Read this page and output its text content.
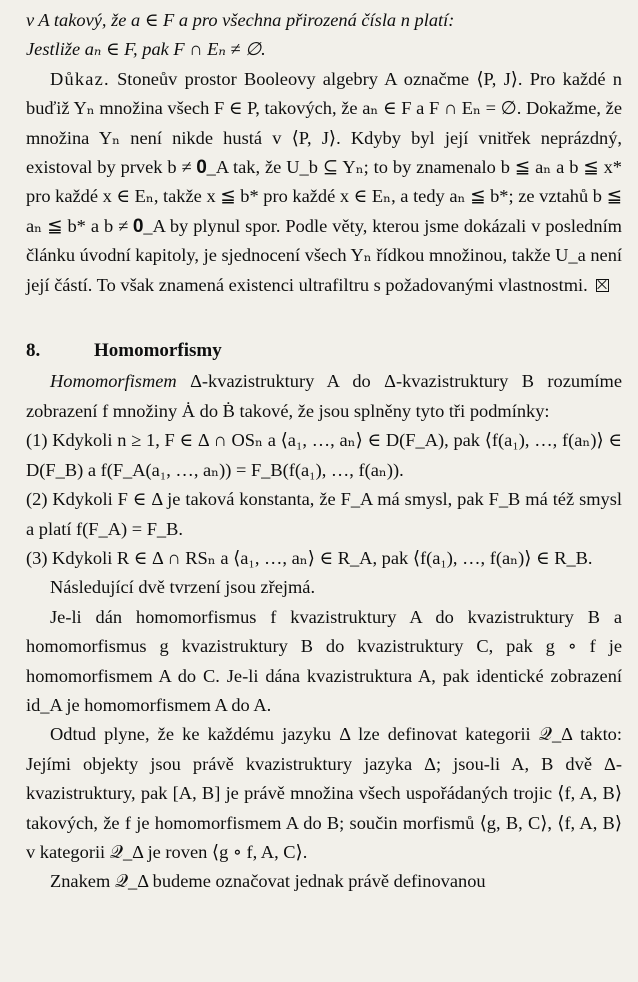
v A takový, že a ∈ F a pro všechna přirozená čísla n platí:
Jestliže aₙ ∈ F, pak F ∩ Eₙ ≠ ∅.

Důkaz. Stoneův prostor Booleovy algebry A označme ⟨P, J⟩. Pro každé n buďiž Yₙ množina všech F ∈ P, takových, že aₙ ∈ F a F ∩ Eₙ = ∅. Dokažme, že množina Yₙ není nikde hustá v ⟨P, J⟩. Kdyby byl její vnitřek neprázdný, existoval by prvek b ≠ 𝟎_A tak, že U_b ⊆ Yₙ; to by znamenalo b ≦ aₙ a b ≦ x* pro každé x ∈ Eₙ, takže x ≦ b* pro každé x ∈ Eₙ, a tedy aₙ ≦ b*; ze vztahů b ≦ aₙ ≦ b* a b ≠ 𝟎_A by plynul spor. Podle věty, kterou jsme dokázali v posledním článku úvodní kapitoly, je sjednocení všech Yₙ řídkou množinou, takže U_a není její částí. To však znamená existenci ultrafiltru s požadovanými vlastnostmi.

8.	Homomorfismy

Homomorfismem Δ-kvazistruktury A do Δ-kvazistruktury B rozumíme zobrazení f množiny Ȧ do Ḃ takové, že jsou splněny tyto tři podmínky:

(1) Kdykoli n ≥ 1, F ∈ Δ ∩ OSₙ a ⟨a₁, …, aₙ⟩ ∈ D(F_A), pak ⟨f(a₁), …, f(aₙ)⟩ ∈ D(F_B) a f(F_A(a₁, …, aₙ)) = F_B(f(a₁), …, f(aₙ)).

(2) Kdykoli F ∈ Δ je taková konstanta, že F_A má smysl, pak F_B má též smysl a platí f(F_A) = F_B.

(3) Kdykoli R ∈ Δ ∩ RSₙ a ⟨a₁, …, aₙ⟩ ∈ R_A, pak ⟨f(a₁), …, f(aₙ)⟩ ∈ R_B.

Následující dvě tvrzení jsou zřejmá.

Je-li dán homomorfismus f kvazistruktury A do kvazistruktury B a homomorfismus g kvazistruktury B do kvazistruktury C, pak g ∘ f je homomorfismem A do C. Je-li dána kvazistruktura A, pak identické zobrazení id_A je homomorfismem A do A.

Odtud plyne, že ke každému jazyku Δ lze definovat kategorii 𝒬_Δ takto: Jejími objekty jsou právě kvazistruktury jazyka Δ; jsou-li A, B dvě Δ-kvazistruktury, pak [A, B] je právě množina všech uspořádaných trojic ⟨f, A, B⟩ takových, že f je homomorfismem A do B; součin morfismů ⟨g, B, C⟩, ⟨f, A, B⟩ v kategorii 𝒬_Δ je roven ⟨g ∘ f, A, C⟩.

Znakem 𝒬_Δ budeme označovat jednak právě definovanou
